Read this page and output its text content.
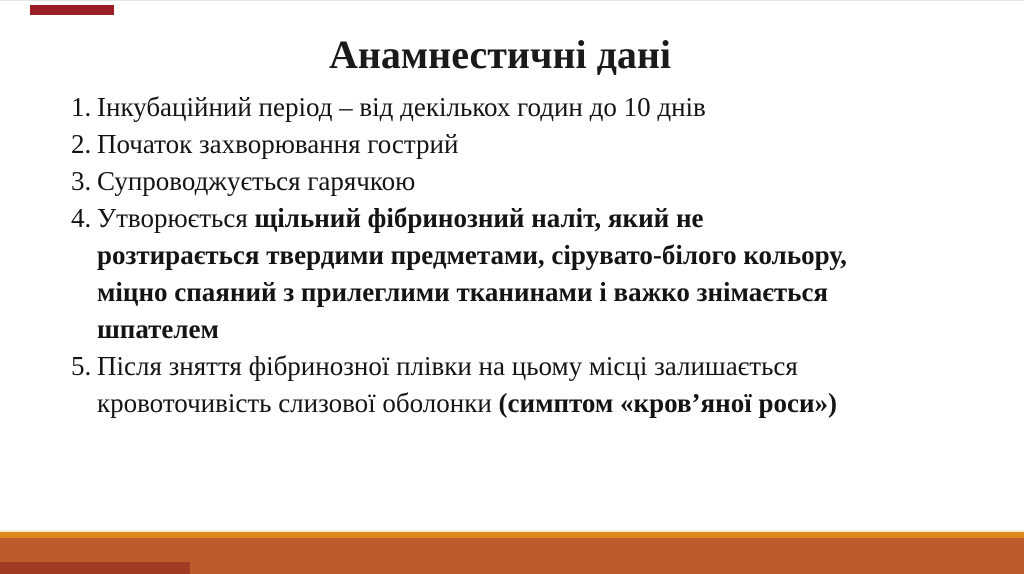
Анамнестичні дані
1. Інкубаційний період – від декількох годин до 10 днів
2. Початок захворювання гострий
3. Супроводжується гарячкою
4. Утворюється щільний фібринозний наліт, який не
розтирається твердими предметами, сірувато-білого кольору,
міцно спаяний з прилеглими тканинами і важко знімається
шпателем
5. Після зняття фібринозної плівки на цьому місці залишається
кровоточивість слизової оболонки (симптом «кров’яної роси»)
